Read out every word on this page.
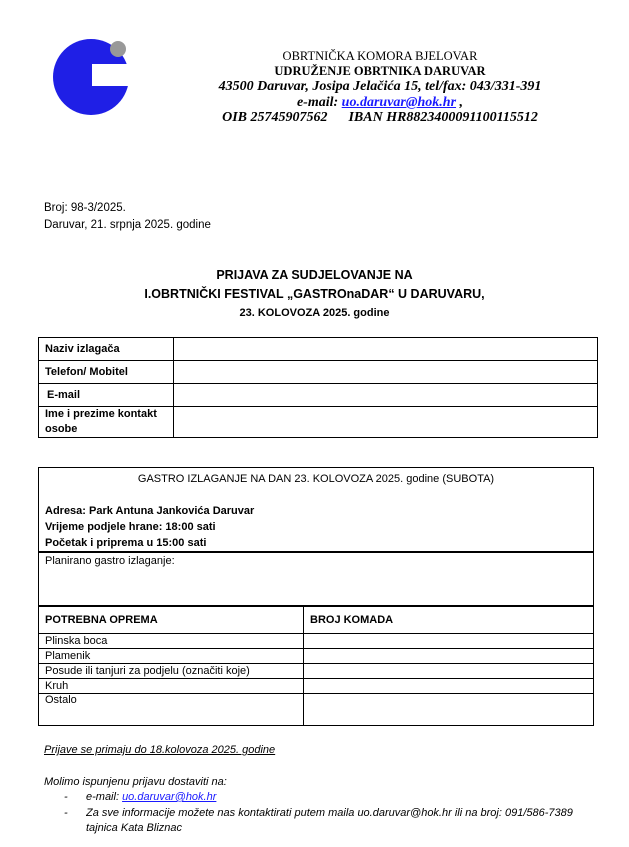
OBRTNIČKA KOMORA BJELOVAR
UDRUŽENJE OBRTNIKA DARUVAR
43500 Daruvar, Josipa Jelačića 15, tel/fax: 043/331-391
e-mail: uo.daruvar@hok.hr ,
OIB 25745907562      IBAN HR8823400091100115512
Broj: 98-3/2025.
Daruvar, 21. srpnja 2025. godine
PRIJAVA ZA SUDJELOVANJE NA
I.OBRTNIČKI FESTIVAL „GASTROnaDAR“ U DARUVARU,
23. KOLOVOZA 2025. godine
Naziv izlagača	
Telefon/ Mobitel	
E-mail	
Ime i prezime kontakt osobe	
GASTRO IZLAGANJE NA DAN 23. KOLOVOZA 2025. godine (SUBOTA)
Adresa: Park Antuna Jankovića Daruvar
Vrijeme podjele hrane: 18:00 sati
Početak i priprema u 15:00 sati
Planirano gastro izlaganje:
POTREBNA OPREMA	BROJ KOMADA
Plinska boca	
Plamenik	
Posude ili tanjuri za podjelu (označiti koje)	
Kruh	
Ostalo	
Prijave se primaju do 18.kolovoza 2025. godine
Molimo ispunjenu prijavu dostaviti na:
- e-mail: uo.daruvar@hok.hr
- Za sve informacije možete nas kontaktirati putem maila uo.daruvar@hok.hr ili na broj: 091/586-7389
tajnica Kata Bliznac
